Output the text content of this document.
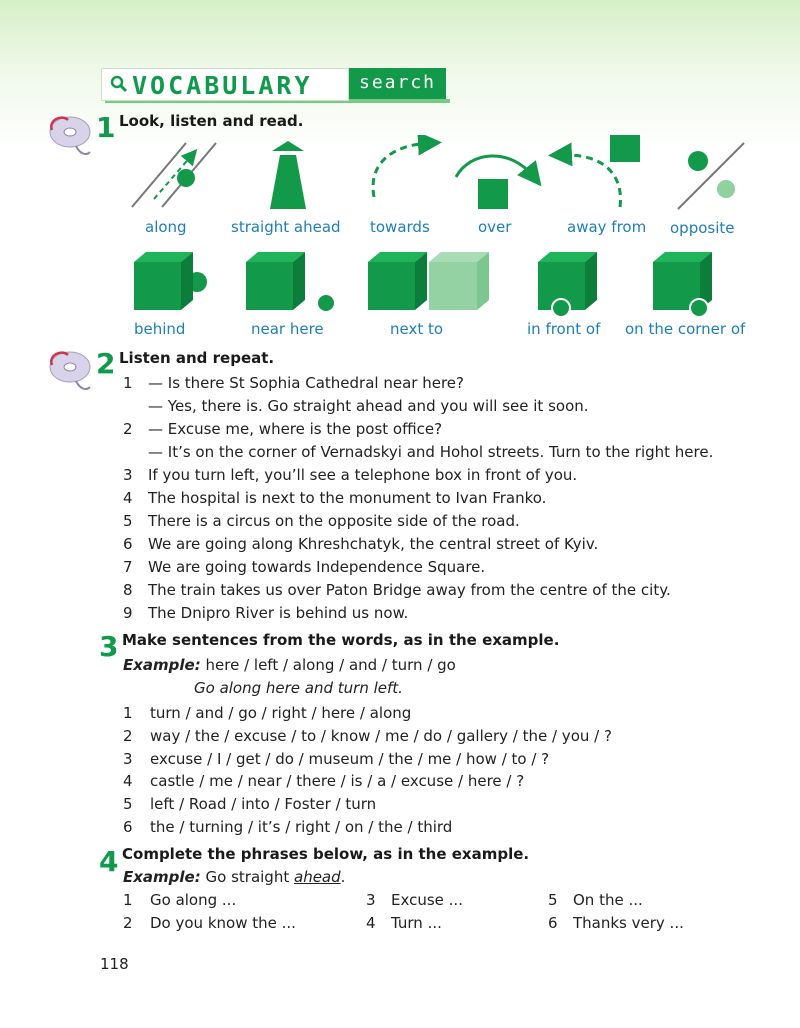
VOCABULARY	search
1 Look, listen and read.
along	straight ahead towards	over	away from opposite
behind	near here	next to	in front of on the corner of
2 Listen and repeat.
1 — Is there St Sophia Cathedral near here?
— Yes, there is. Go straight ahead and you will see it soon.
2 — Excuse me, where is the post office?
— It’s on the corner of Vernadskyi and Hohol streets. Turn to the right here.
3 If you turn left, you’ll see a telephone box in front of you.
4 The hospital is next to the monument to Ivan Franko.
5 There is a circus on the opposite side of the road.
6 We are going along Khreshchatyk, the central street of Kyiv.
7 We are going towards Independence Square.
8 The train takes us over Paton Bridge away from the centre of the city.
9 The Dnipro River is behind us now.
3 Make sentences from the words, as in the example.
Example: here / left / along / and / turn / go
Go along here and turn left.
1 turn / and / go / right / here / along
2 way / the / excuse / to / know / me / do / gallery / the / you / ?
3 excuse / I / get / do / museum / the / me / how / to / ?
4 castle / me / near / there / is / a / excuse / here / ?
5 left / Road / into / Foster / turn
6 the / turning / it’s / right / on / the / third
4 Complete the phrases below, as in the example.
Example: Go straight ahead.
1 Go along ...
2 Do you know the ...
3 Excuse ...
4 Turn ...
5 On the ...
6 Thanks very ...
118
